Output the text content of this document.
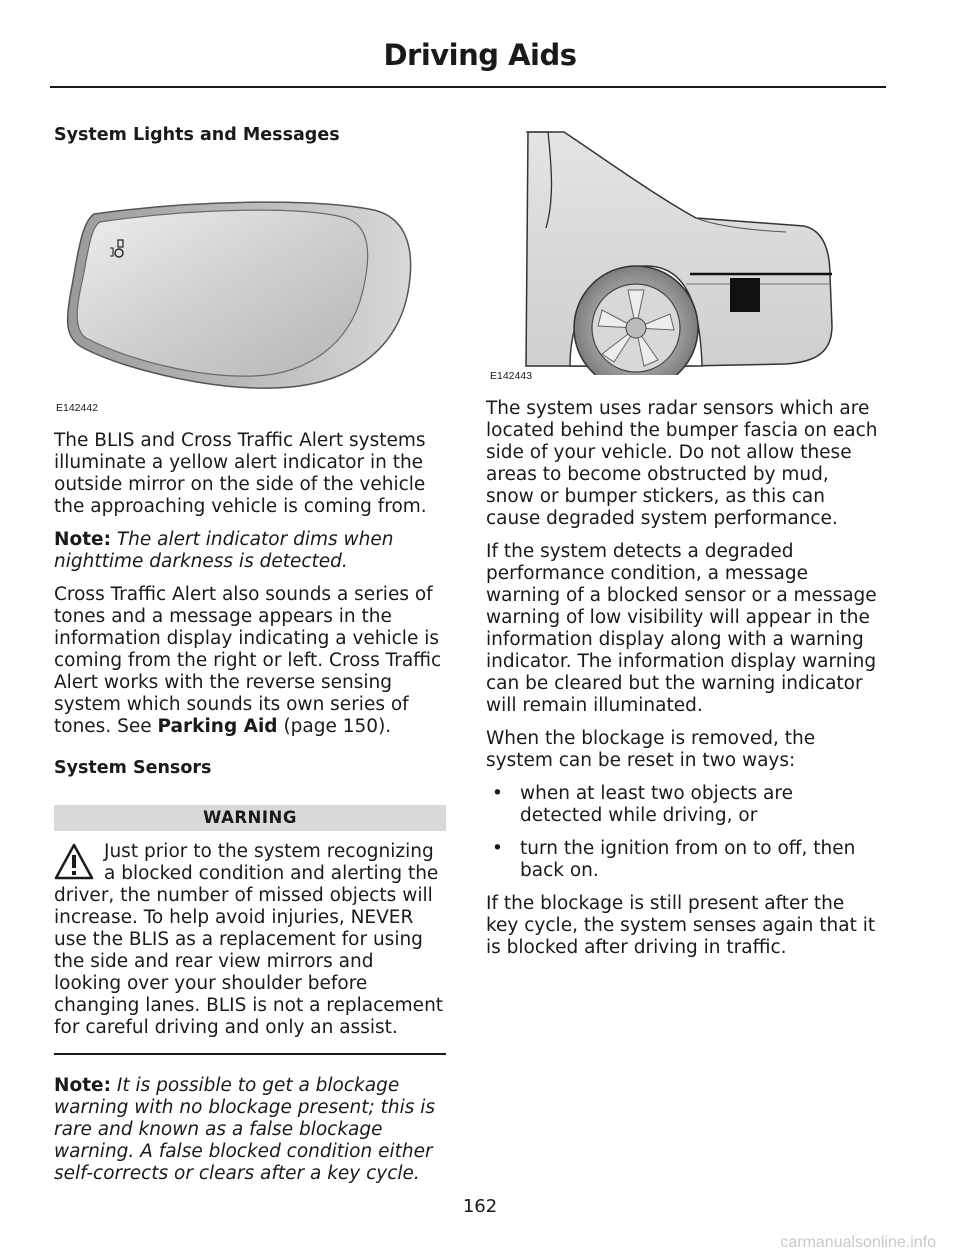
Driving Aids

System Lights and Messages

E142442

The BLIS and Cross Traffic Alert systems illuminate a yellow alert indicator in the outside mirror on the side of the vehicle the approaching vehicle is coming from.

Note: The alert indicator dims when nighttime darkness is detected.

Cross Traffic Alert also sounds a series of tones and a message appears in the information display indicating a vehicle is coming from the right or left. Cross Traffic Alert works with the reverse sensing system which sounds its own series of tones. See Parking Aid (page 150).

System Sensors

WARNING

Just prior to the system recognizing a blocked condition and alerting the driver, the number of missed objects will increase. To help avoid injuries, NEVER use the BLIS as a replacement for using the side and rear view mirrors and looking over your shoulder before changing lanes. BLIS is not a replacement for careful driving and only an assist.

Note: It is possible to get a blockage warning with no blockage present; this is rare and known as a false blockage warning. A false blocked condition either self-corrects or clears after a key cycle.

E142443

The system uses radar sensors which are located behind the bumper fascia on each side of your vehicle. Do not allow these areas to become obstructed by mud, snow or bumper stickers, as this can cause degraded system performance.

If the system detects a degraded performance condition, a message warning of a blocked sensor or a message warning of low visibility will appear in the information display along with a warning indicator. The information display warning can be cleared but the warning indicator will remain illuminated.

When the blockage is removed, the system can be reset in two ways:

• when at least two objects are detected while driving, or
• turn the ignition from on to off, then back on.

If the blockage is still present after the key cycle, the system senses again that it is blocked after driving in traffic.

162
carmanualsonline.info
